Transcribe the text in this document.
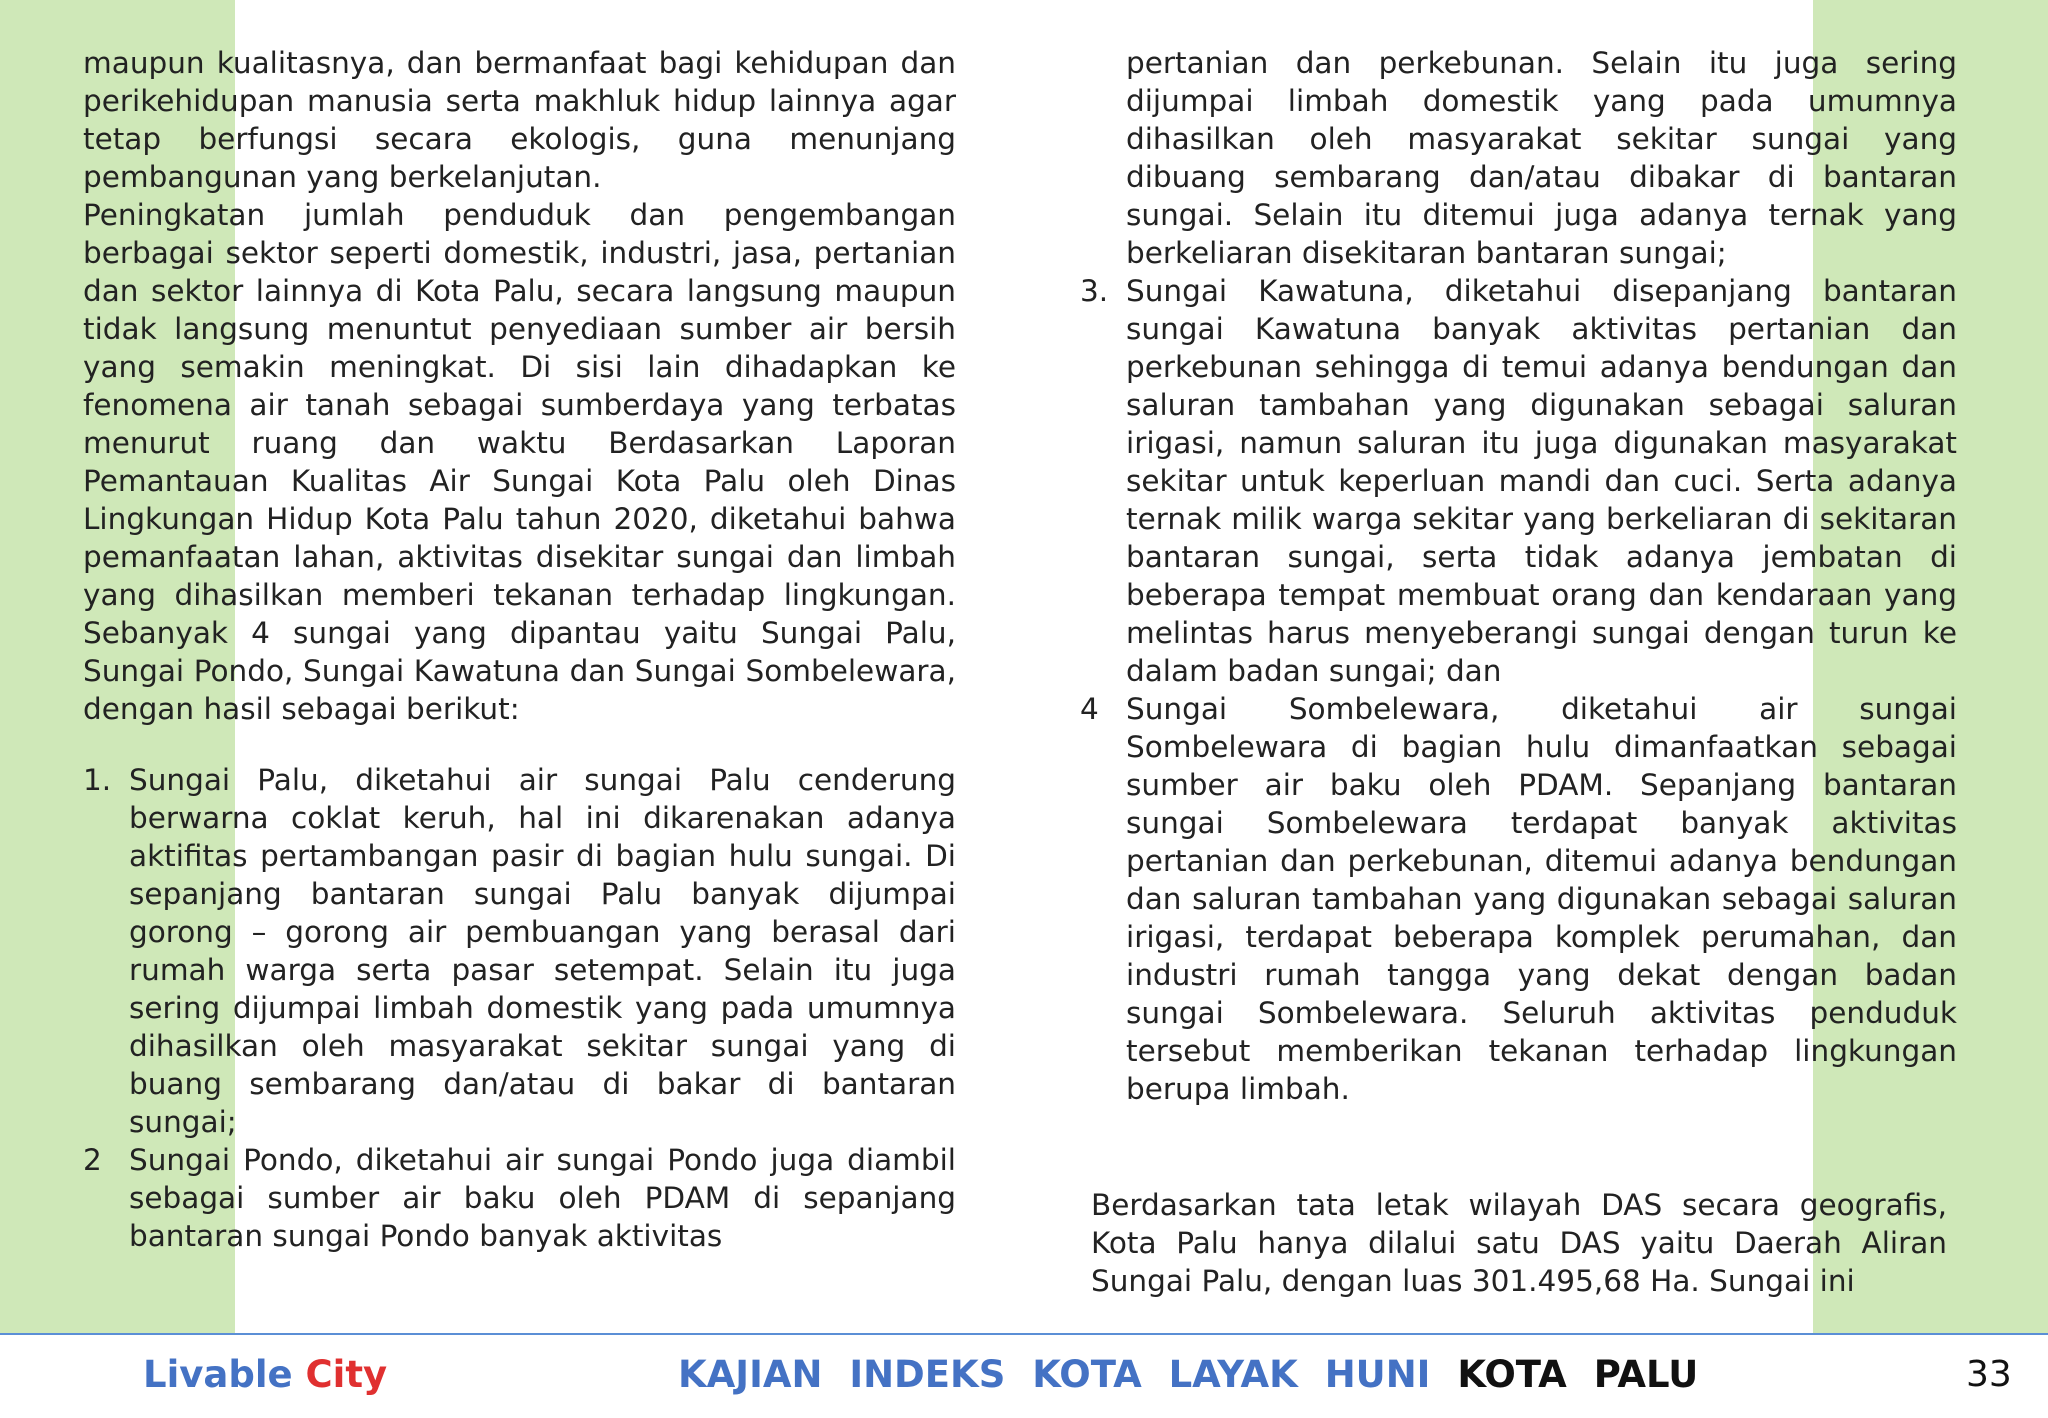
maupun kualitasnya, dan bermanfaat bagi kehidupan dan perikehidupan manusia serta makhluk hidup lainnya agar tetap berfungsi secara ekologis, guna menunjang pembangunan yang berkelanjutan.

Peningkatan jumlah penduduk dan pengembangan berbagai sektor seperti domestik, industri, jasa, pertanian dan sektor lainnya di Kota Palu, secara langsung maupun tidak langsung menuntut penyediaan sumber air bersih yang semakin meningkat. Di sisi lain dihadapkan ke fenomena air tanah sebagai sumberdaya yang terbatas menurut ruang dan waktu Berdasarkan Laporan Pemantauan Kualitas Air Sungai Kota Palu oleh Dinas Lingkungan Hidup Kota Palu tahun 2020, diketahui bahwa pemanfaatan lahan, aktivitas disekitar sungai dan limbah yang dihasilkan memberi tekanan terhadap lingkungan. Sebanyak 4 sungai yang dipantau yaitu Sungai Palu, Sungai Pondo, Sungai Kawatuna dan Sungai Sombelewara, dengan hasil sebagai berikut:

1. Sungai Palu, diketahui air sungai Palu cenderung berwarna coklat keruh, hal ini dikarenakan adanya aktifitas pertambangan pasir di bagian hulu sungai. Di sepanjang bantaran sungai Palu banyak dijumpai gorong – gorong air pembuangan yang berasal dari rumah warga serta pasar setempat. Selain itu juga sering dijumpai limbah domestik yang pada umumnya dihasilkan oleh masyarakat sekitar sungai yang di buang sembarang dan/atau di bakar di bantaran sungai;
2 Sungai Pondo, diketahui air sungai Pondo juga diambil sebagai sumber air baku oleh PDAM di sepanjang bantaran sungai Pondo banyak aktivitas

pertanian dan perkebunan. Selain itu juga sering dijumpai limbah domestik yang pada umumnya dihasilkan oleh masyarakat sekitar sungai yang dibuang sembarang dan/atau dibakar di bantaran sungai. Selain itu ditemui juga adanya ternak yang berkeliaran disekitaran bantaran sungai;

3. Sungai Kawatuna, diketahui disepanjang bantaran sungai Kawatuna banyak aktivitas pertanian dan perkebunan sehingga di temui adanya bendungan dan saluran tambahan yang digunakan sebagai saluran irigasi, namun saluran itu juga digunakan masyarakat sekitar untuk keperluan mandi dan cuci. Serta adanya ternak milik warga sekitar yang berkeliaran di sekitaran bantaran sungai, serta tidak adanya jembatan di beberapa tempat membuat orang dan kendaraan yang melintas harus menyeberangi sungai dengan turun ke dalam badan sungai; dan
4 Sungai Sombelewara, diketahui air sungai Sombelewara di bagian hulu dimanfaatkan sebagai sumber air baku oleh PDAM. Sepanjang bantaran sungai Sombelewara terdapat banyak aktivitas pertanian dan perkebunan, ditemui adanya bendungan dan saluran tambahan yang digunakan sebagai saluran irigasi, terdapat beberapa komplek perumahan, dan industri rumah tangga yang dekat dengan badan sungai Sombelewara. Seluruh aktivitas penduduk tersebut memberikan tekanan terhadap lingkungan berupa limbah.

Berdasarkan tata letak wilayah DAS secara geografis, Kota Palu hanya dilalui satu DAS yaitu Daerah Aliran Sungai Palu, dengan luas 301.495,68 Ha. Sungai ini

Livable City	KAJIAN INDEKS KOTA LAYAK HUNI KOTA PALU	33
